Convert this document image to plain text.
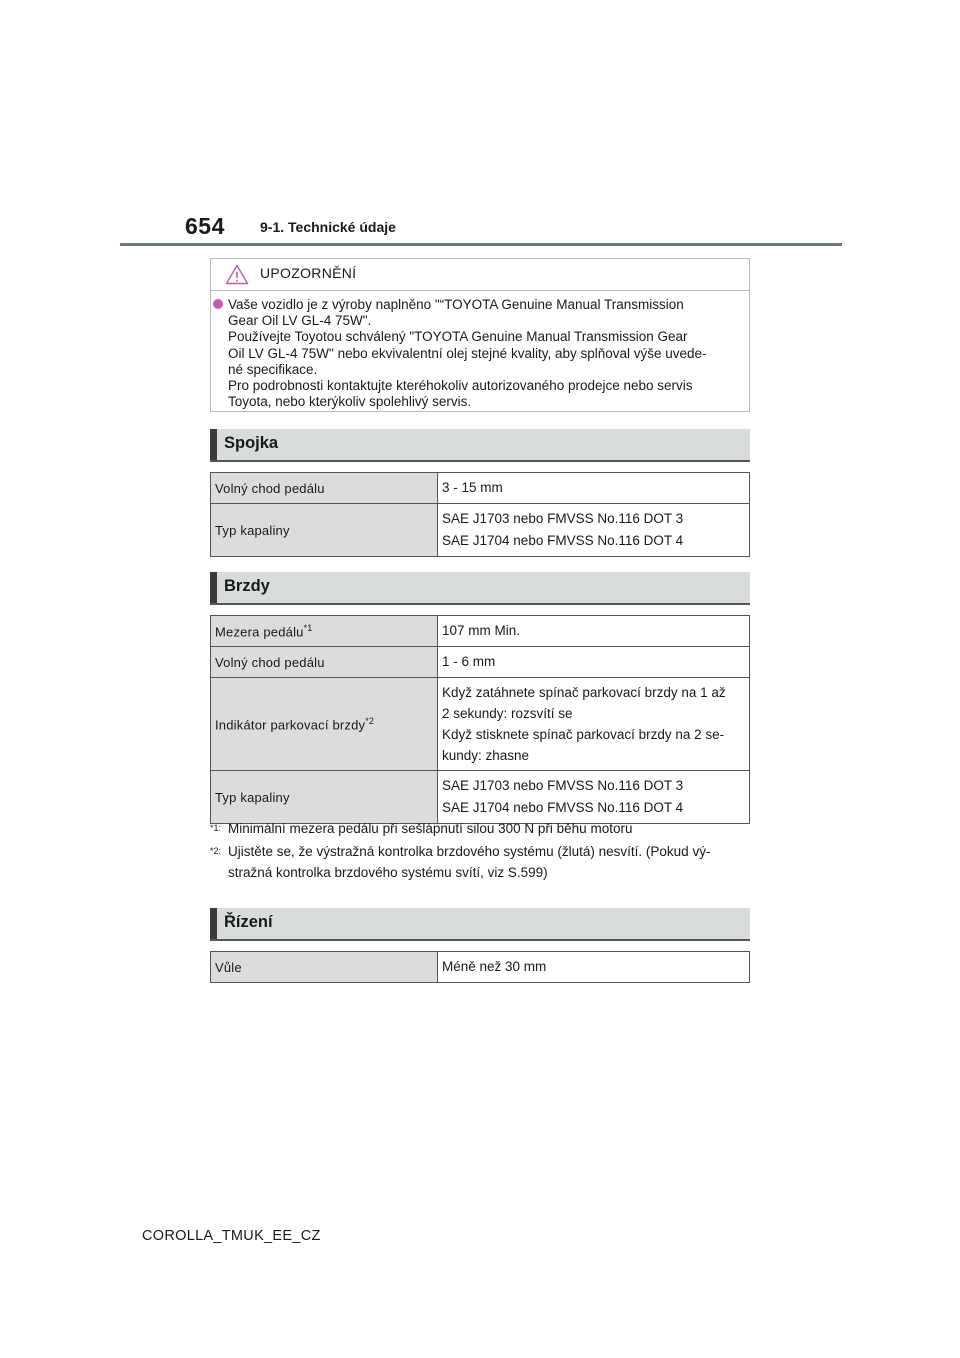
654	9-1. Technické údaje
UPOZORNĚNÍ

Vaše vozidlo je z výroby naplněno "“TOYOTA Genuine Manual Transmission

Gear Oil LV GL-4 75W".

Používejte Toyotou schválený "TOYOTA Genuine Manual Transmission Gear

Oil LV GL-4 75W" nebo ekvivalentní olej stejné kvality, aby splňoval výše uvede-

né specifikace.

Pro podrobnosti kontaktujte kteréhokoliv autorizovaného prodejce nebo servis

Toyota, nebo kterýkoliv spolehlivý servis.

Spojka
Volný chod pedálu	3 - 15 mm

Typ kapaliny	SAE J1703 nebo FMVSS No.116 DOT 3
SAE J1704 nebo FMVSS No.116 DOT 4
Brzdy
Mezera pedálu$^{*1}$	107 mm Min.

Volný chod pedálu	1 - 6 mm

Indikátor parkovací brzdy$^{*2}$	Když zatáhnete spínač parkovací brzdy na 1 až
2 sekundy: rozsvítí se
Když stisknete spínač parkovací brzdy na 2 se-
kundy: zhasne

Typ kapaliny	SAE J1703 nebo FMVSS No.116 DOT 3
SAE J1704 nebo FMVSS No.116 DOT 4
*1: Minimální mezera pedálu při sešlápnutí silou 300 N při běhu motoru
*2: Ujistěte se, že výstražná kontrolka brzdového systému (žlutá) nesvítí. (Pokud vý-
stražná kontrolka brzdového systému svítí, viz S.599)
Řízení
Vůle	Méně než 30 mm
COROLLA_TMUK_EE_CZ
